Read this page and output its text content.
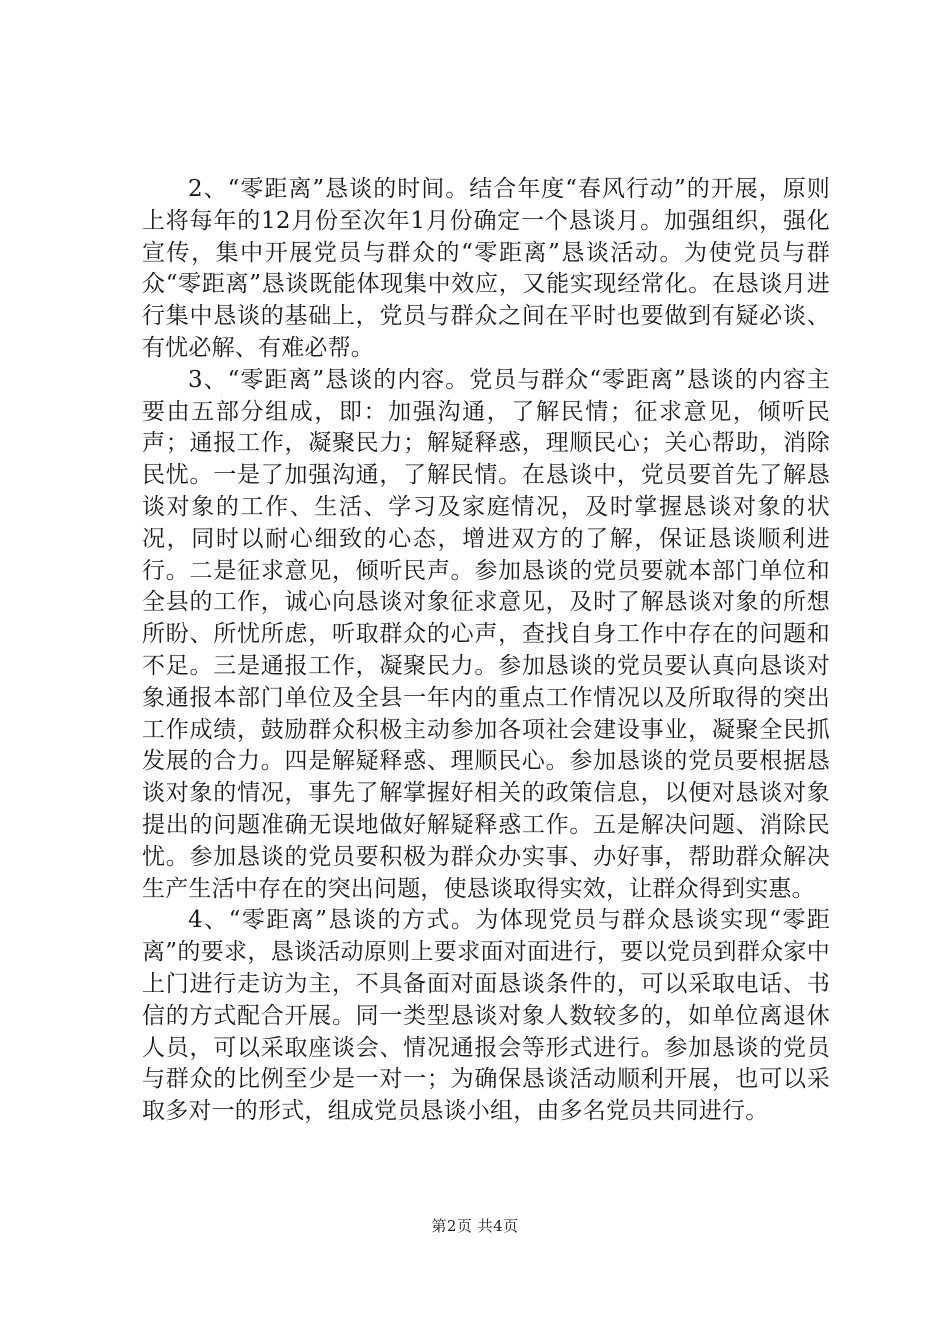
2、“零距离”恳谈的时间。结合年度“春风行动”的开展，原则上将每年的12月份至次年1月份确定一个恳谈月。加强组织，强化宣传，集中开展党员与群众的“零距离”恳谈活动。为使党员与群众“零距离”恳谈既能体现集中效应，又能实现经常化。在恳谈月进行集中恳谈的基础上，党员与群众之间在平时也要做到有疑必谈、有忧必解、有难必帮。

3、“零距离”恳谈的内容。党员与群众“零距离”恳谈的内容主要由五部分组成，即：加强沟通，了解民情；征求意见，倾听民声；通报工作，凝聚民力；解疑释惑，理顺民心；关心帮助，消除民忧。一是了加强沟通，了解民情。在恳谈中，党员要首先了解恳谈对象的工作、生活、学习及家庭情况，及时掌握恳谈对象的状况，同时以耐心细致的心态，增进双方的了解，保证恳谈顺利进行。二是征求意见，倾听民声。参加恳谈的党员要就本部门单位和全县的工作，诚心向恳谈对象征求意见，及时了解恳谈对象的所想所盼、所忧所虑，听取群众的心声，查找自身工作中存在的问题和不足。三是通报工作，凝聚民力。参加恳谈的党员要认真向恳谈对象通报本部门单位及全县一年内的重点工作情况以及所取得的突出工作成绩，鼓励群众积极主动参加各项社会建设事业，凝聚全民抓发展的合力。四是解疑释惑、理顺民心。参加恳谈的党员要根据恳谈对象的情况，事先了解掌握好相关的政策信息，以便对恳谈对象提出的问题准确无误地做好解疑释惑工作。五是解决问题、消除民忧。参加恳谈的党员要积极为群众办实事、办好事，帮助群众解决生产生活中存在的突出问题，使恳谈取得实效，让群众得到实惠。

4、“零距离”恳谈的方式。为体现党员与群众恳谈实现“零距离”的要求，恳谈活动原则上要求面对面进行，要以党员到群众家中上门进行走访为主，不具备面对面恳谈条件的，可以采取电话、书信的方式配合开展。同一类型恳谈对象人数较多的，如单位离退休人员，可以采取座谈会、情况通报会等形式进行。参加恳谈的党员与群众的比例至少是一对一；为确保恳谈活动顺利开展，也可以采取多对一的形式，组成党员恳谈小组，由多名党员共同进行。

第2页 共4页
